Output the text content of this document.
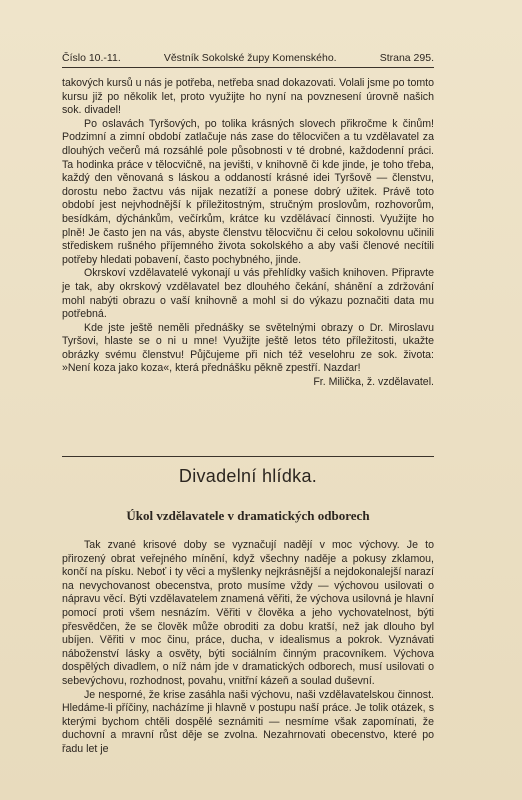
Číslo 10.-11.	Věstník Sokolské župy Komenského.	Strana 295.

takových kursů u nás je potřeba, netřeba snad dokazovati. Volali jsme po tomto kursu již po několik let, proto využijte ho nyní na povznesení úrovně našich sok. divadel!

Po oslavách Tyršových, po tolika krásných slovech přikročme k činům! Podzimní a zimní období zatlačuje nás zase do tělocvičen a tu vzdělavatel za dlouhých večerů má rozsáhlé pole působnosti v té drobné, každodenní práci. Ta hodinka práce v tělocvičně, na jevišti, v knihovně či kde jinde, je toho třeba, každý den věnovaná s láskou a oddaností krásné idei Tyršově — členstvu, dorostu nebo žactvu vás nijak nezatíží a ponese dobrý užitek. Právě toto období jest nejvhodnější k příležitostným, stručným proslovům, rozhovorům, besídkám, dýchánkům, večírkům, krátce ku vzdělávací činnosti. Využijte ho plně! Je často jen na vás, abyste členstvu tělocvičnu či celou sokolovnu učinili střediskem rušného příjemného života sokolského a aby vaši členové necítili potřeby hledati pobavení, často pochybného, jinde.

Okrskoví vzdělavatelé vykonají u vás přehlídky vašich knihoven. Připravte je tak, aby okrskový vzdělavatel bez dlouhého čekání, shánění a zdržování mohl nabýti obrazu o vaší knihovně a mohl si do výkazu poznačiti data mu potřebná.

Kde jste ještě neměli přednášky se světelnými obrazy o Dr. Miroslavu Tyršovi, hlaste se o ni u mne! Využijte ještě letos této příležitosti, ukažte obrázky svému členstvu! Půjčujeme při nich též veselohru ze sok. života: »Není koza jako koza«, která přednášku pěkně zpestří. Nazdar!
Fr. Milička, ž. vzdělavatel.

Divadelní hlídka.
Úkol vzdělavatele v dramatických odborech

Tak zvané krisové doby se vyznačují nadějí v moc výchovy. Je to přirozený obrat veřejného mínění, když všechny naděje a pokusy zklamou, končí na písku. Neboť i ty věci a myšlenky nejkrásnější a nejdokonalejší narazí na nevychovanost obecenstva, proto musíme vždy — výchovou usilovati o nápravu věcí. Býti vzdělavatelem znamená věřiti, že výchova usilovná je hlavní pomocí proti všem nesnázím. Věřiti v člověka a jeho vychovatelnost, býti přesvědčen, že se člověk může obroditi za dobu kratší, než jak dlouho byl ubíjen. Věřiti v moc činu, práce, ducha, v idealismus a pokrok. Vyznávati náboženství lásky a osvěty, býti sociálním činným pracovníkem. Výchova dospělých divadlem, o níž nám jde v dramatických odborech, musí usilovati o sebevýchovu, rozhodnost, povahu, vnitřní kázeň a soulad duševní.

Je nesporné, že krise zasáhla naši výchovu, naši vzdělavatelskou činnost. Hledáme-li příčiny, nacházíme ji hlavně v postupu naší práce. Je tolik otázek, s kterými bychom chtěli dospělé seznámiti — nesmíme však zapomínati, že duchovní a mravní růst děje se zvolna. Nezahrnovati obecenstvo, které po řadu let je
